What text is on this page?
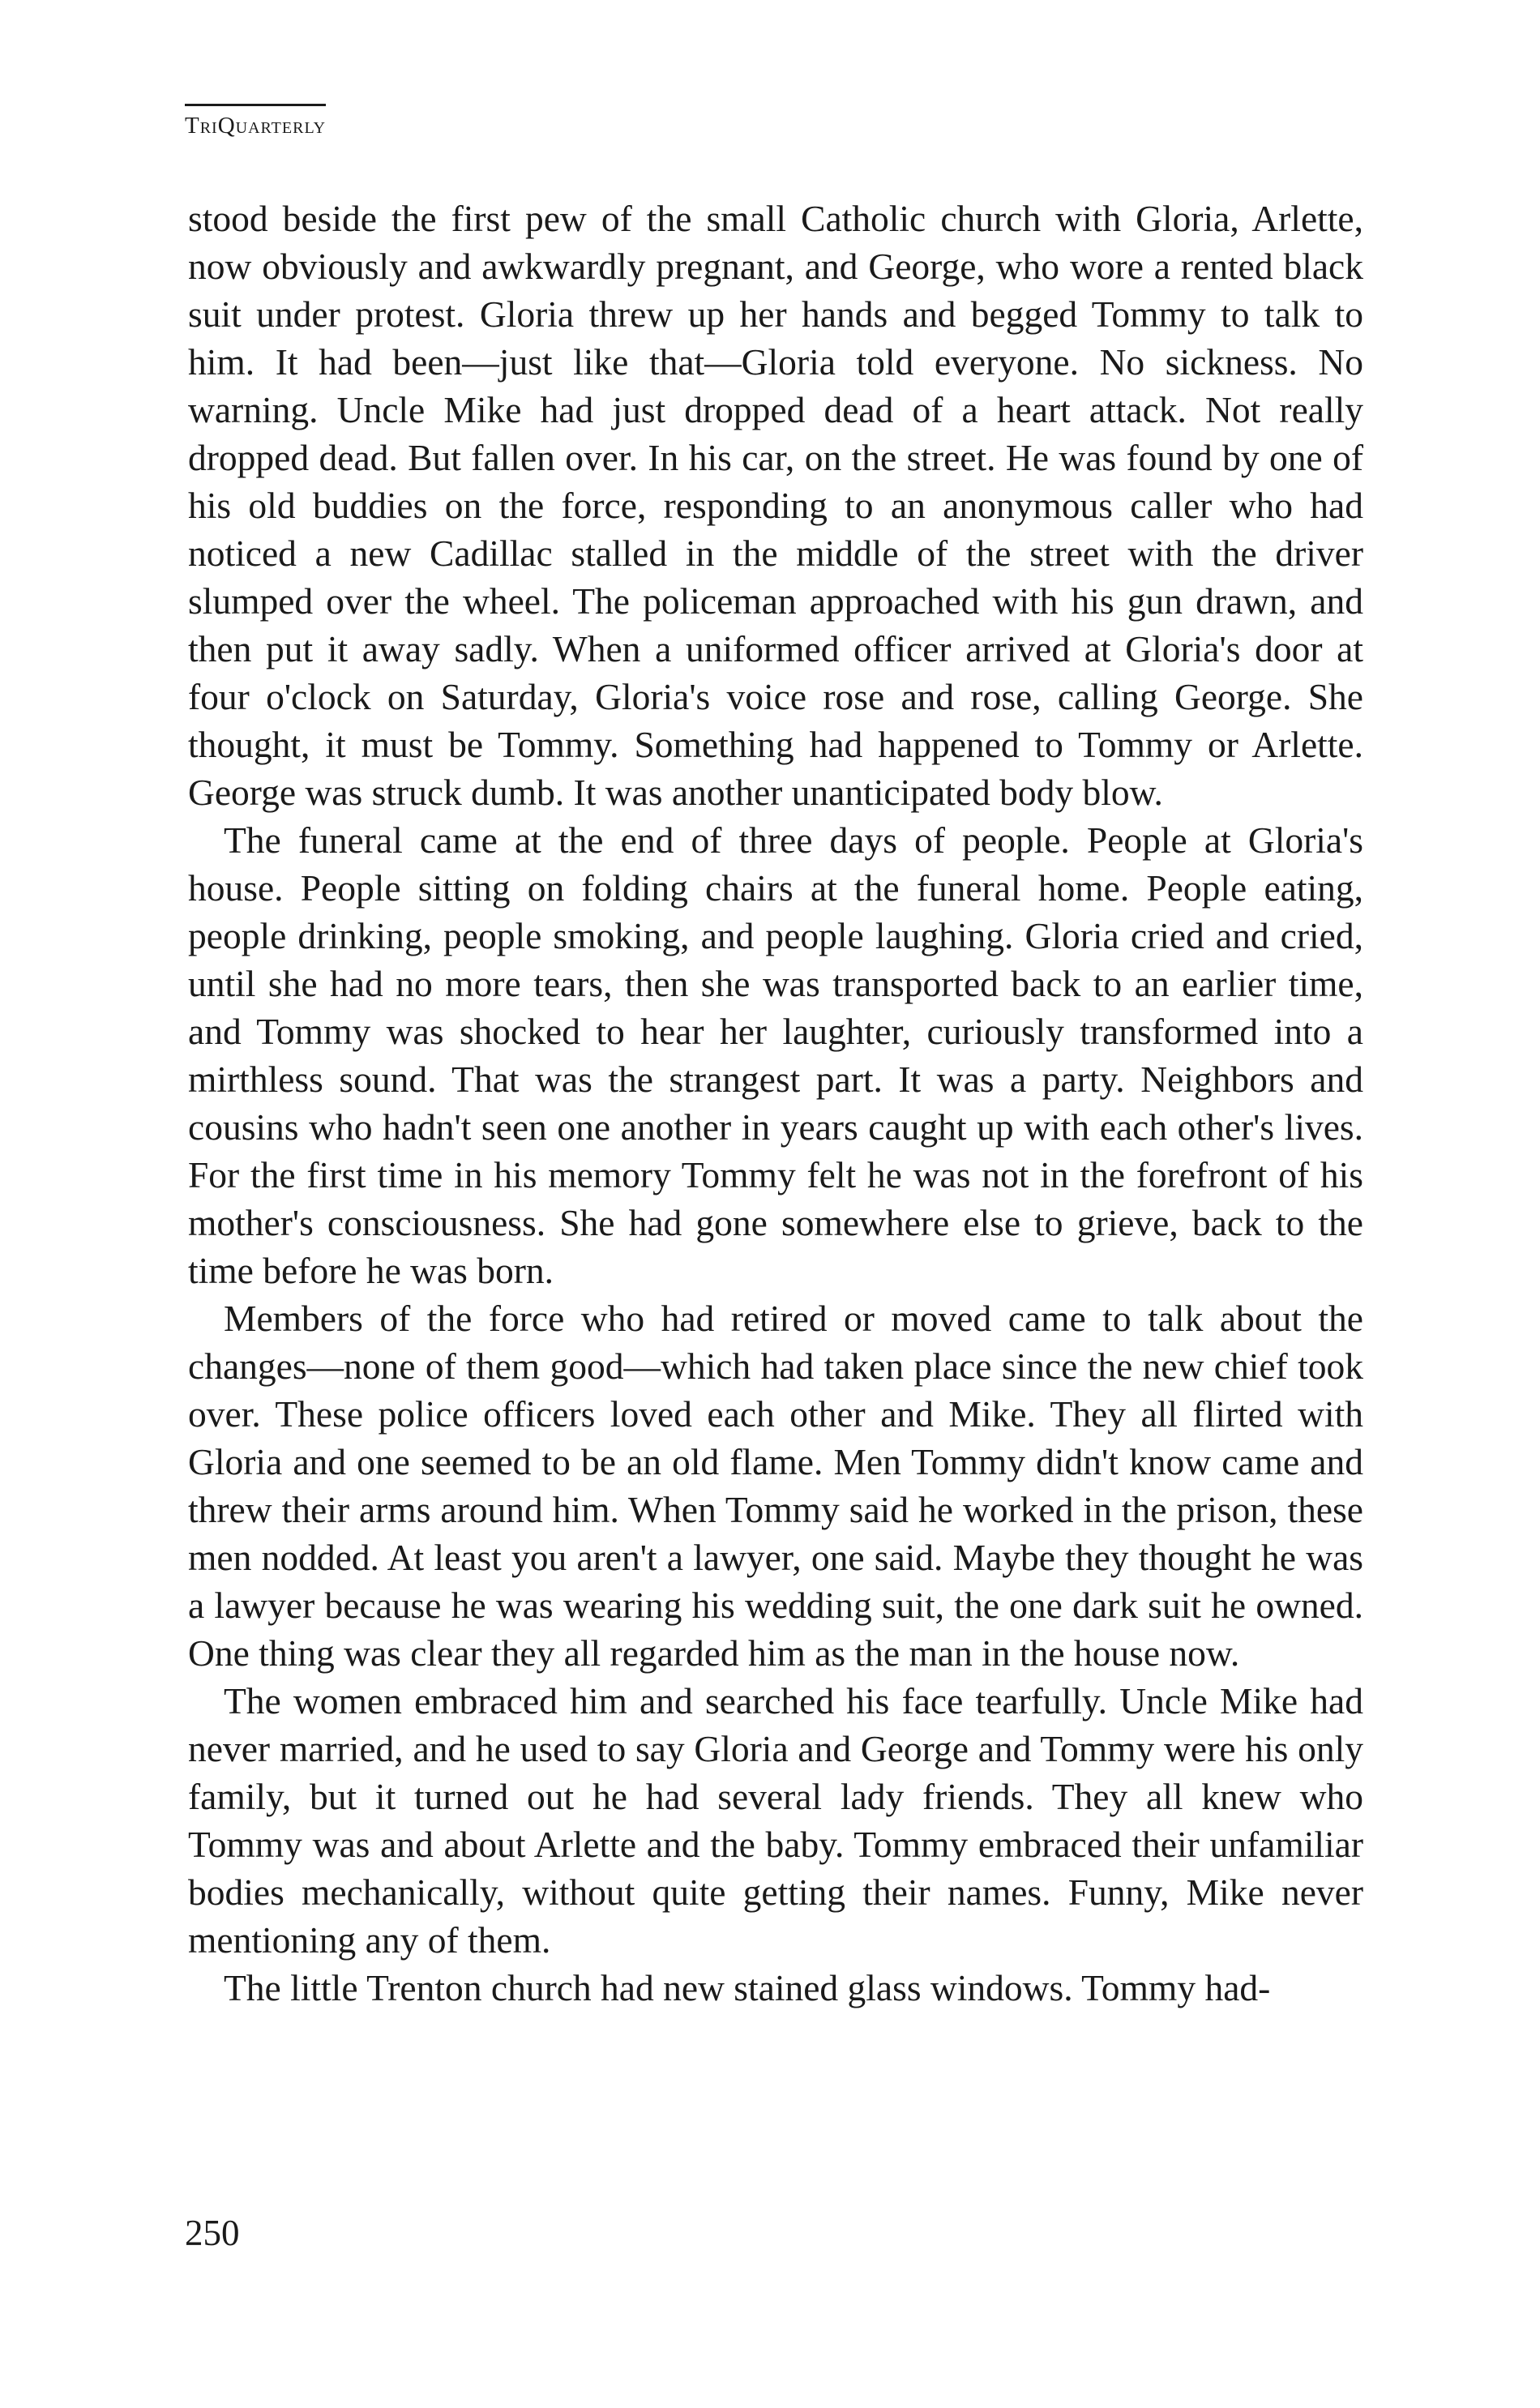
TriQuarterly

stood beside the first pew of the small Catholic church with Gloria, Arlette, now obviously and awkwardly pregnant, and George, who wore a rented black suit under protest. Gloria threw up her hands and begged Tommy to talk to him. It had been—just like that—Gloria told everyone. No sickness. No warning. Uncle Mike had just dropped dead of a heart attack. Not really dropped dead. But fallen over. In his car, on the street. He was found by one of his old buddies on the force, responding to an anonymous caller who had noticed a new Cadillac stalled in the middle of the street with the driver slumped over the wheel. The policeman approached with his gun drawn, and then put it away sadly. When a uniformed officer arrived at Gloria's door at four o'clock on Saturday, Gloria's voice rose and rose, calling George. She thought, it must be Tommy. Something had happened to Tommy or Arlette. George was struck dumb. It was another unanticipated body blow.

The funeral came at the end of three days of people. People at Gloria's house. People sitting on folding chairs at the funeral home. People eating, people drinking, people smoking, and people laughing. Gloria cried and cried, until she had no more tears, then she was transported back to an earlier time, and Tommy was shocked to hear her laughter, curiously transformed into a mirthless sound. That was the strangest part. It was a party. Neighbors and cousins who hadn't seen one another in years caught up with each other's lives. For the first time in his memory Tommy felt he was not in the forefront of his mother's consciousness. She had gone somewhere else to grieve, back to the time before he was born.

Members of the force who had retired or moved came to talk about the changes—none of them good—which had taken place since the new chief took over. These police officers loved each other and Mike. They all flirted with Gloria and one seemed to be an old flame. Men Tommy didn't know came and threw their arms around him. When Tommy said he worked in the prison, these men nodded. At least you aren't a lawyer, one said. Maybe they thought he was a lawyer because he was wearing his wedding suit, the one dark suit he owned. One thing was clear they all regarded him as the man in the house now.

The women embraced him and searched his face tearfully. Uncle Mike had never married, and he used to say Gloria and George and Tommy were his only family, but it turned out he had several lady friends. They all knew who Tommy was and about Arlette and the baby. Tommy embraced their unfamiliar bodies mechanically, without quite getting their names. Funny, Mike never mentioning any of them.

The little Trenton church had new stained glass windows. Tommy had-

250
